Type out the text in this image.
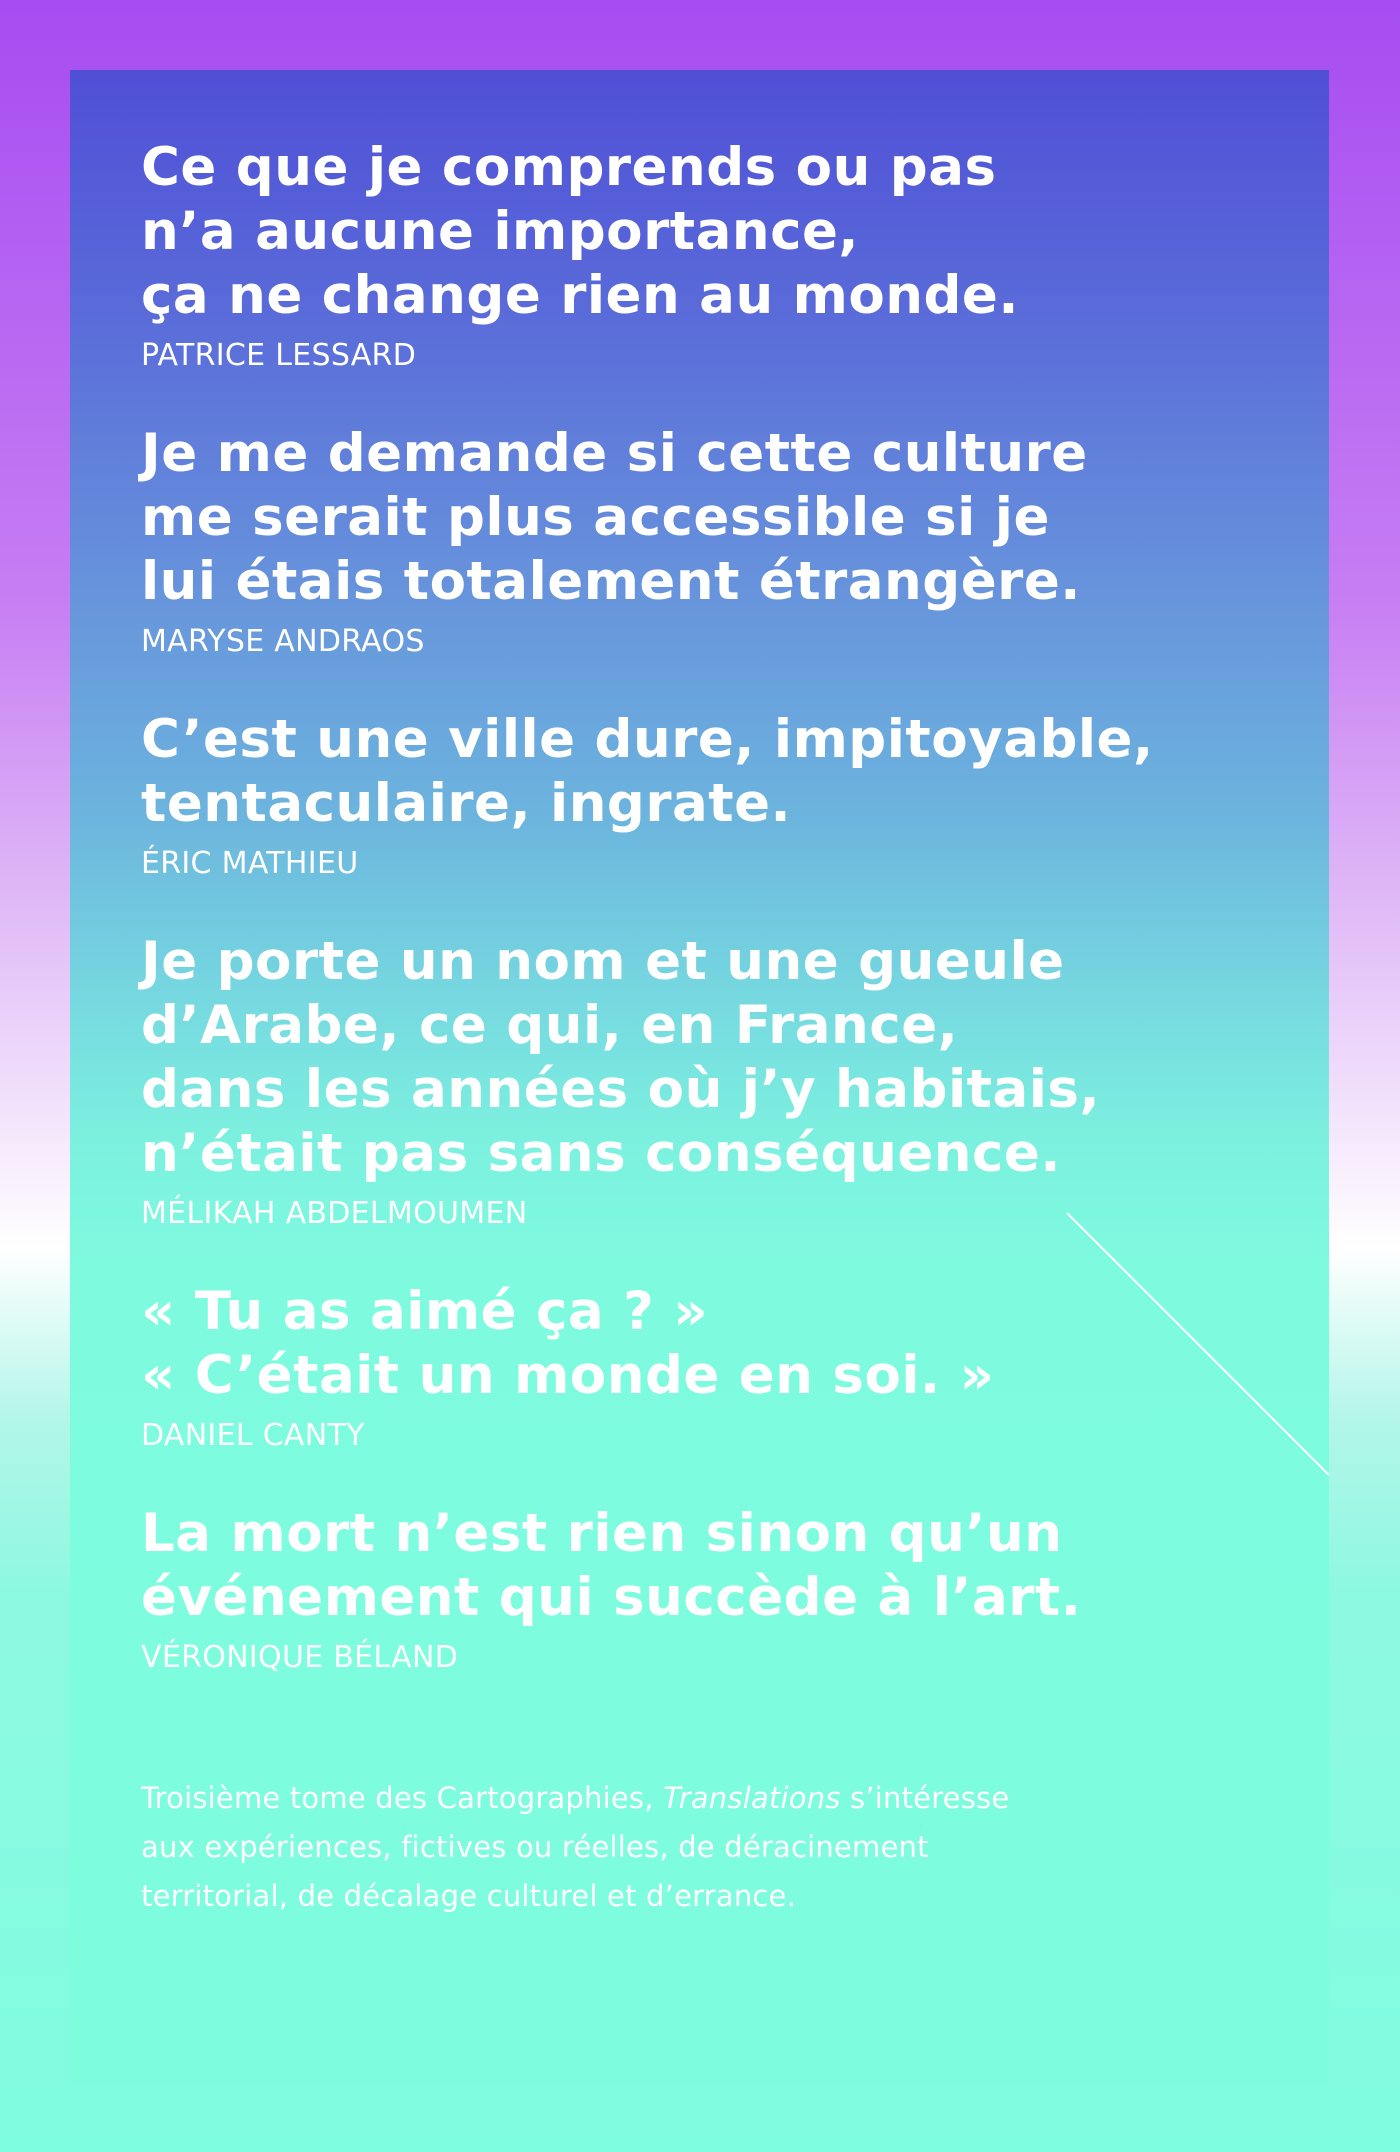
Ce que je comprends ou pas
n’a aucune importance,
ça ne change rien au monde.

PATRICE LESSARD

Je me demande si cette culture
me serait plus accessible si je
lui étais totalement étrangère.

MARYSE ANDRAOS

C’est une ville dure, impitoyable,
tentaculaire, ingrate.

ÉRIC MATHIEU

Je porte un nom et une gueule
d’Arabe, ce qui, en France,
dans les années où j’y habitais,
n’était pas sans conséquence.

MÉLIKAH ABDELMOUMEN

« Tu as aimé ça ? »
« C’était un monde en soi. »

DANIEL CANTY

La mort n’est rien sinon qu’un
événement qui succède à l’art.

VÉRONIQUE BÉLAND
Troisième tome des Cartographies, Translations s’intéresse
aux expériences, fictives ou réelles, de déracinement
territorial, de décalage culturel et d’errance.
